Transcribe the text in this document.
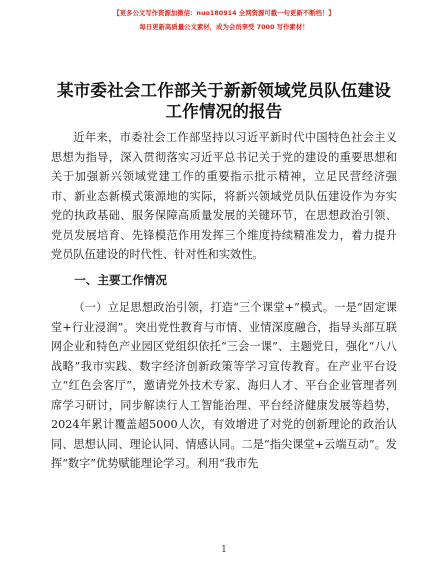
【更多公文写作资源加微信：nuo180914 全网资源可截一句更新不断档！】
每日更新高质量公文素材，成为会员享受 7000 写作素材！
某市委社会工作部关于新新领域党员队伍建设
工作情况的报告

近年来，市委社会工作部坚持以习近平新时代中国特色社会主义思想为指导，深入贯彻落实习近平总书记关于党的建设的重要思想和关于加强新兴领域党建工作的重要指示批示精神，立足民营经济强市、新业态新模式策源地的实际，将新兴领域党员队伍建设作为夯实党的执政基础、服务保障高质量发展的关键环节，在思想政治引领、党员发展培育、先锋模范作用发挥三个维度持续精准发力，着力提升党员队伍建设的时代性、针对性和实效性。

一、主要工作情况

（一）立足思想政治引领，打造“三个课堂+”模式。一是“固定课堂+行业浸润”。突出党性教育与市情、业情深度融合，指导头部互联网企业和特色产业园区党组织依托“三会一课”、主题党日，强化“八八战略”我市实践、数字经济创新政策等学习宣传教育。在产业平台设立“红色会客厅”，邀请党外技术专家、海归人才、平台企业管理者列席学习研讨，同步解读行人工智能治理、平台经济健康发展等趋势，2024年累计覆盖超5000人次，有效增进了对党的创新理论的政治认同、思想认同、理论认同、情感认同。二是“指尖课堂+云端互动”。发挥“数字”优势赋能理论学习。利用“我市先

1
